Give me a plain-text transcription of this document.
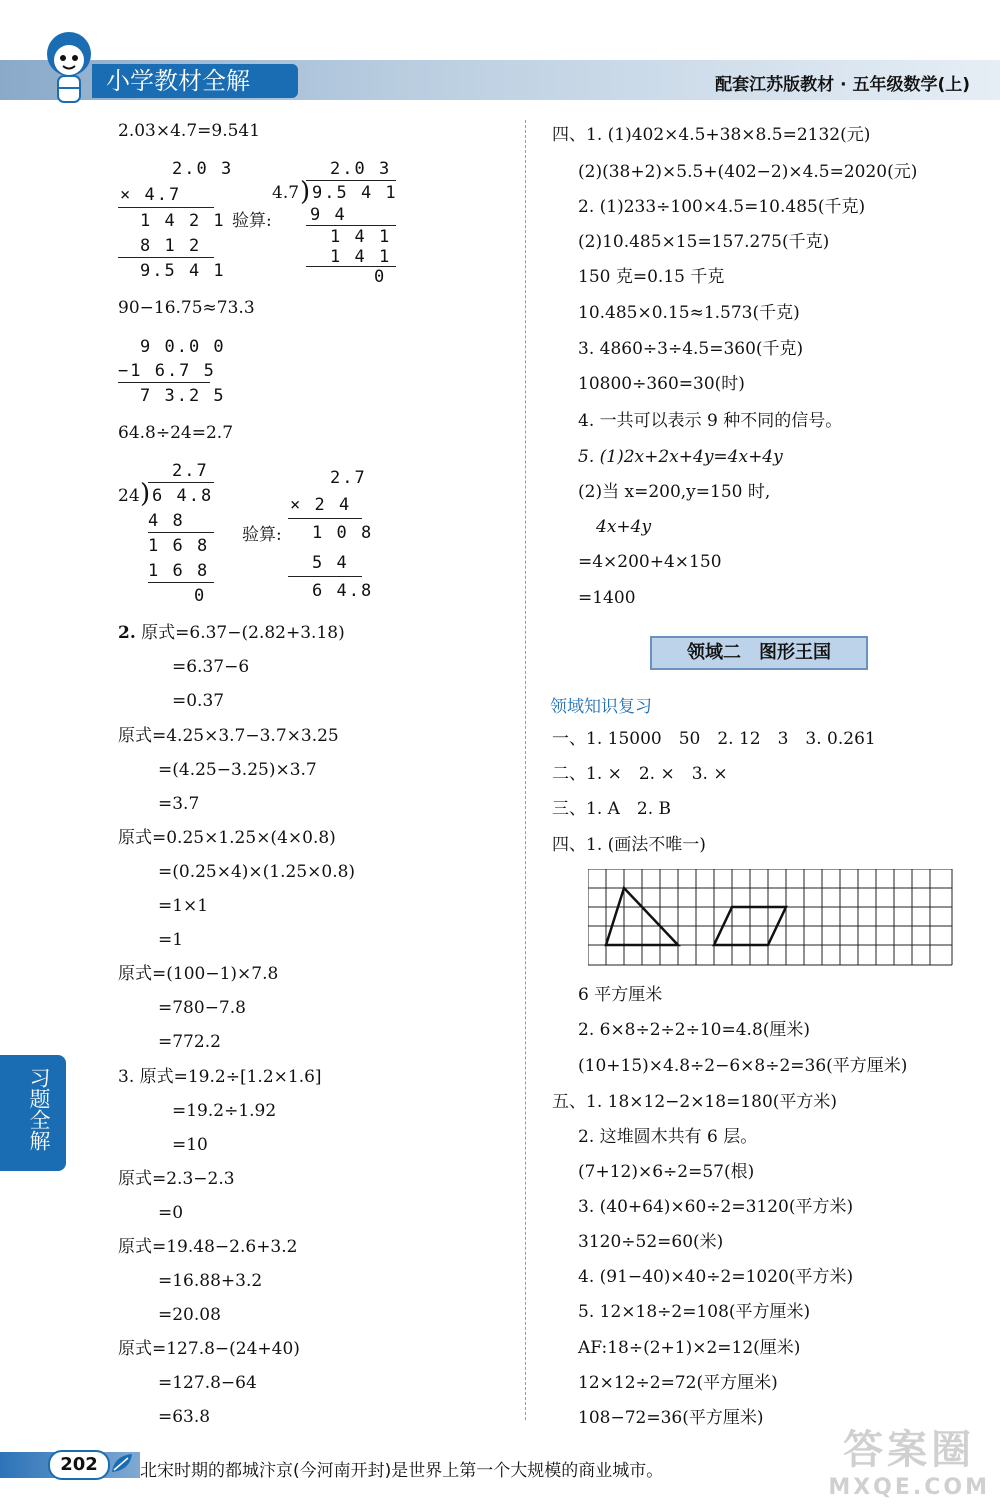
小学教材全解	配套江苏版教材 · 五年级数学(上)
2.03×4.7=9.541
2.0 3
× 4.7
1 4 2 1
8 1 2
9.5 4 1
验算:
2.0 3
4.7 ) 9.5 4 1
9 4
1 4 1
1 4 1
0
90−16.75≈73.3
9 0.0 0
−1 6.7 5
7 3.2 5
64.8÷24=2.7
2.7
24 ) 6 4.8
4 8
1 6 8
1 6 8
0
2.7
× 2 4
1 0 8
5 4
6 4.8
验算:
2. 原式=6.37−(2.82+3.18)
=6.37−6
=0.37
原式=4.25×3.7−3.7×3.25
=(4.25−3.25)×3.7
=3.7
原式=0.25×1.25×(4×0.8)
=(0.25×4)×(1.25×0.8)
=1×1
=1
原式=(100−1)×7.8
=780−7.8
=772.2
3. 原式=19.2÷[1.2×1.6]
=19.2÷1.92
=10
原式=2.3−2.3
=0
原式=19.48−2.6+3.2
=16.88+3.2
=20.08
原式=127.8−(24+40)
=127.8−64
=63.8
习题全解
四、1. (1)402×4.5+38×8.5=2132(元)
(2)(38+2)×5.5+(402−2)×4.5=2020(元)
2. (1)233÷100×4.5=10.485(千克)
(2)10.485×15=157.275(千克)
150 克=0.15 千克
10.485×0.15≈1.573(千克)
3. 4860÷3÷4.5=360(千克)
10800÷360=30(时)
4. 一共可以表示 9 种不同的信号。
5. (1)2x+2x+4y=4x+4y
(2)当 x=200,y=150 时,
4x+4y
=4×200+4×150
=1400
领域二　图形王国
领域知识复习
一、1. 15000　50　2. 12　3　3. 0.261
二、1. ×　2. ×　3. ×
三、1. A　2. B
四、1. (画法不唯一)
6 平方厘米
2. 6×8÷2÷2÷10=4.8(厘米)
(10+15)×4.8÷2−6×8÷2=36(平方厘米)
五、1. 18×12−2×18=180(平方米)
2. 这堆圆木共有 6 层。
(7+12)×6÷2=57(根)
3. (40+64)×60÷2=3120(平方米)
3120÷52=60(米)
4. (91−40)×40÷2=1020(平方米)
5. 12×18÷2=108(平方厘米)
AF:18÷(2+1)×2=12(厘米)
12×12÷2=72(平方厘米)
108−72=36(平方厘米)
202	北宋时期的都城汴京(今河南开封)是世界上第一个大规模的商业城市。	答案圈
MXQE.COM
